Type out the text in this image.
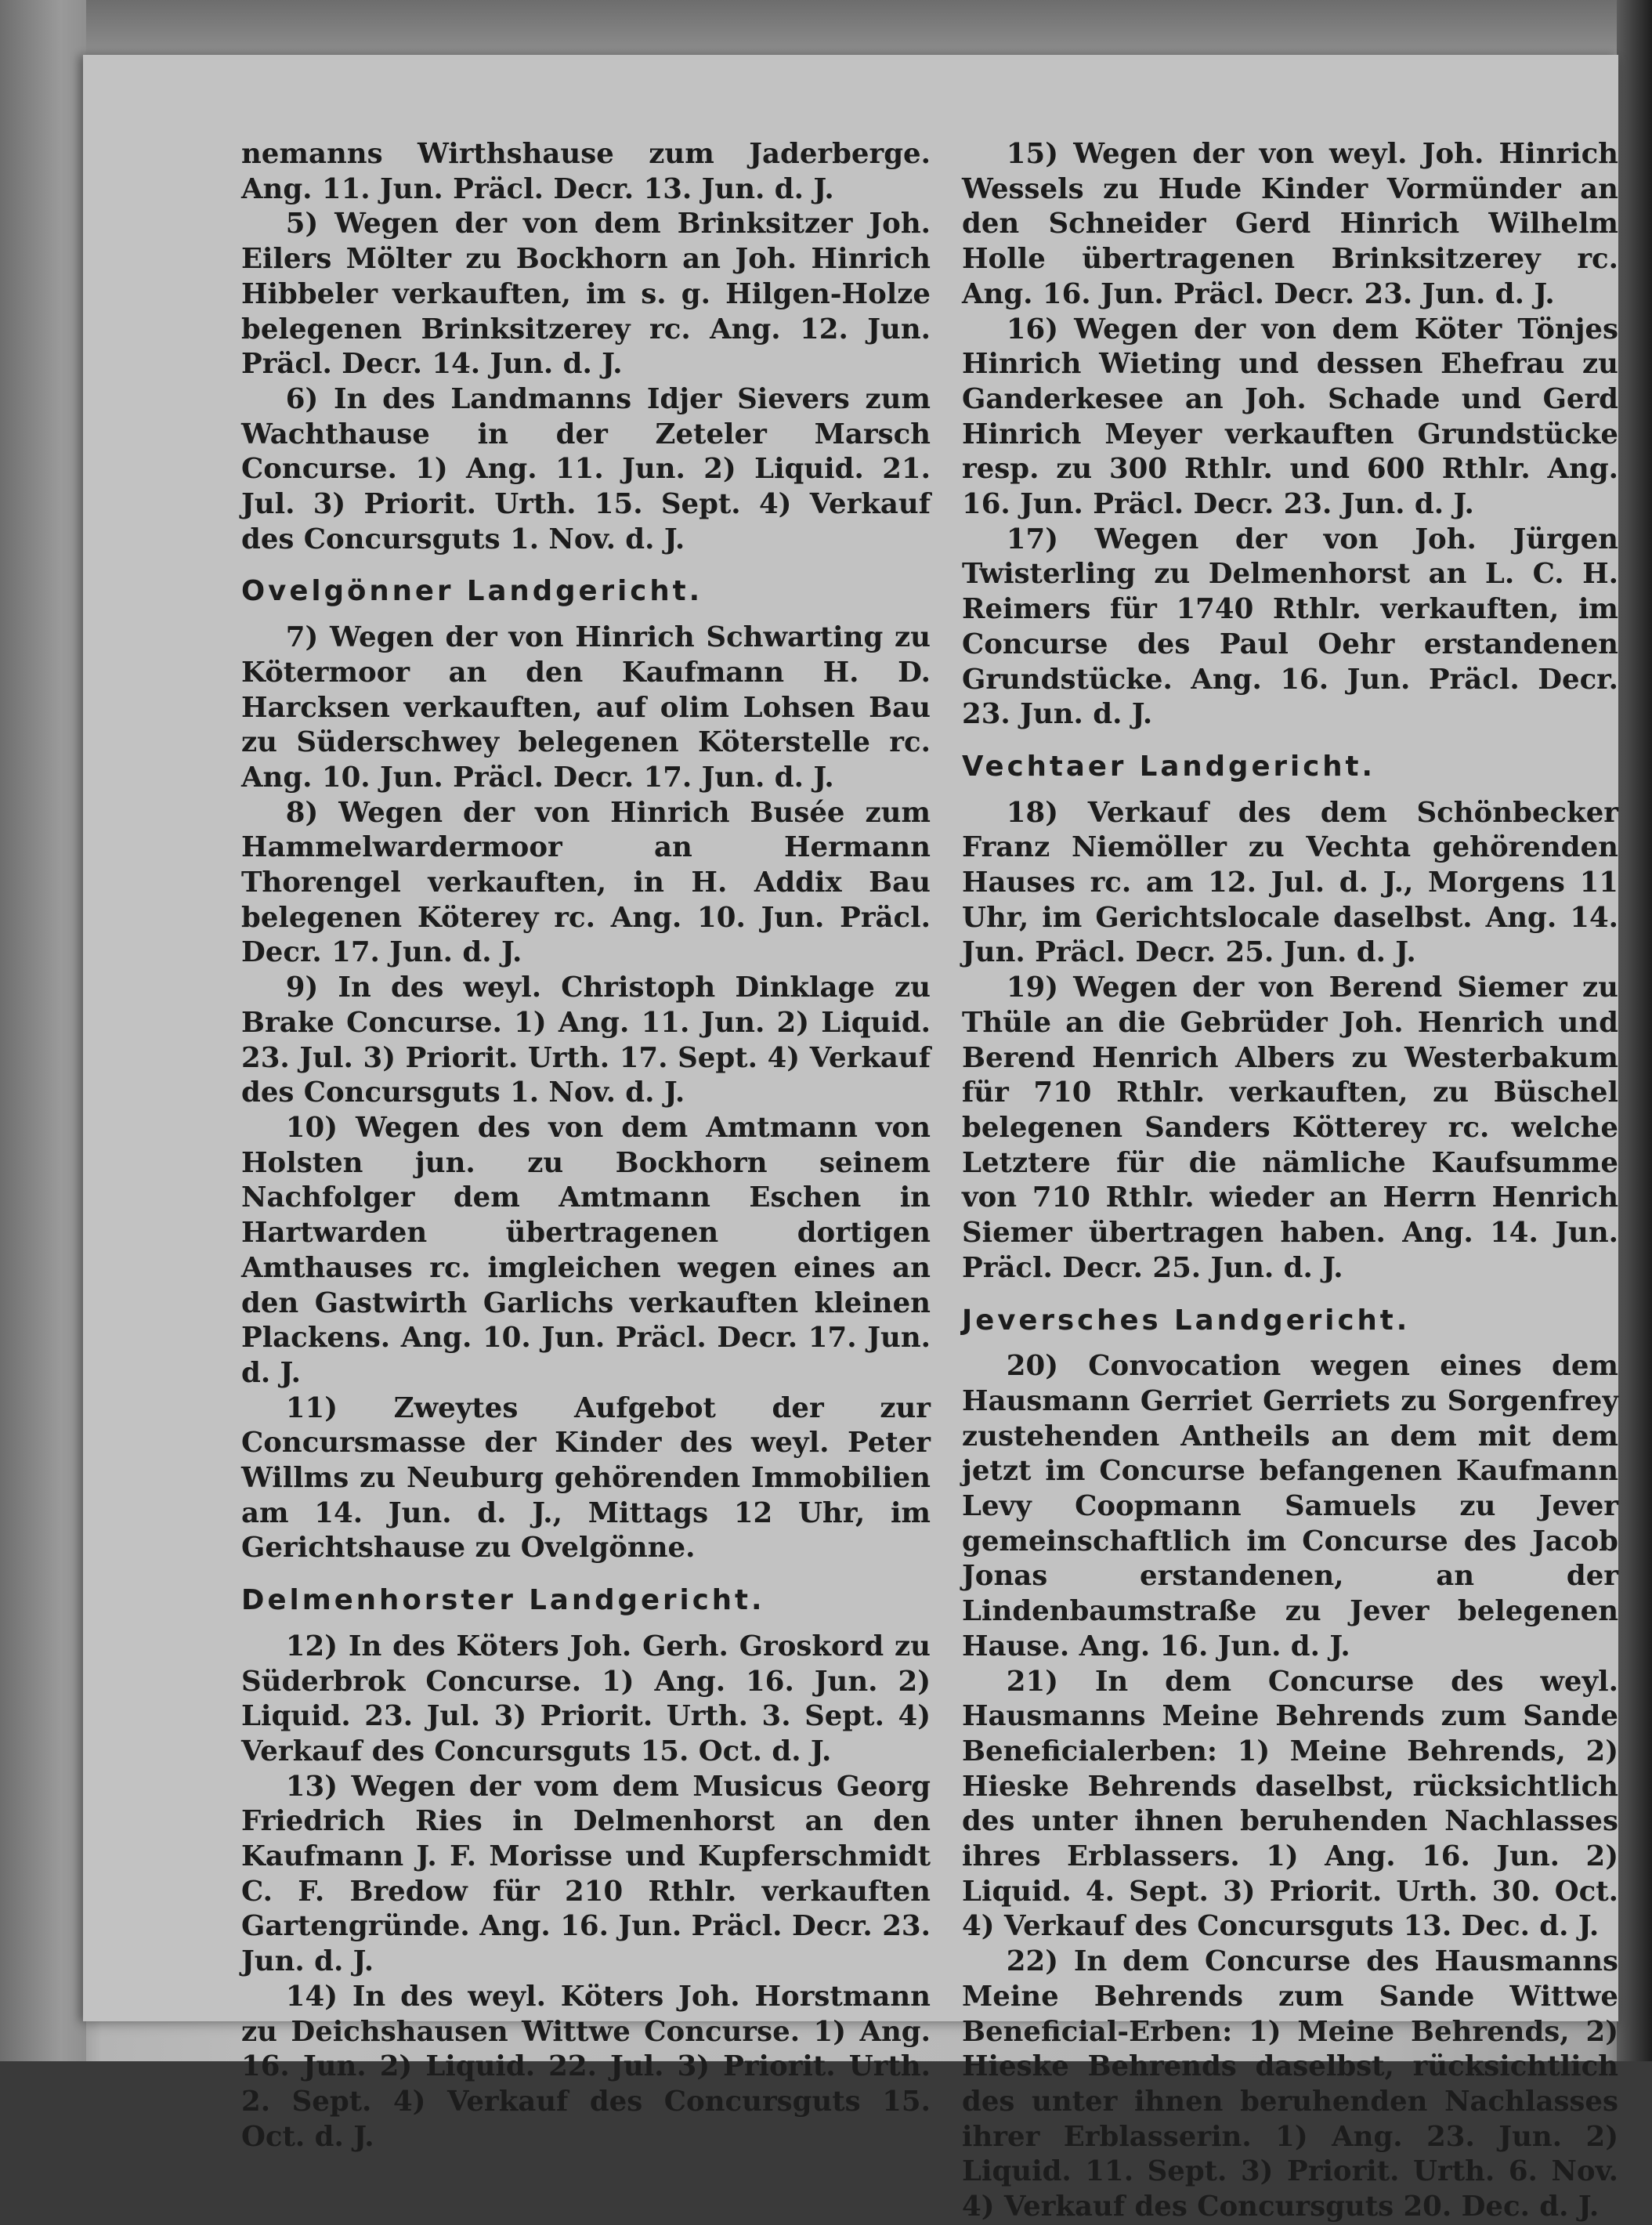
nemanns Wirthshause zum Jaderberge. Ang. 11. Jun. Präcl. Decr. 13. Jun. d. J.

5) Wegen der von dem Brinksitzer Joh. Eilers Mölter zu Bockhorn an Joh. Hinrich Hibbeler verkauften, im s. g. Hilgen-Holze belegenen Brinksitzerey rc. Ang. 12. Jun. Präcl. Decr. 14. Jun. d. J.

6) In des Landmanns Idjer Sievers zum Wachthause in der Zeteler Marsch Concurse. 1) Ang. 11. Jun. 2) Liquid. 21. Jul. 3) Priorit. Urth. 15. Sept. 4) Verkauf des Concursguts 1. Nov. d. J.

Ovelgönner Landgericht.

7) Wegen der von Hinrich Schwarting zu Kötermoor an den Kaufmann H. D. Harcksen verkauften, auf olim Lohsen Bau zu Süderschwey belegenen Köterstelle rc. Ang. 10. Jun. Präcl. Decr. 17. Jun. d. J.

8) Wegen der von Hinrich Busée zum Hammelwardermoor an Hermann Thorengel verkauften, in H. Addix Bau belegenen Köterey rc. Ang. 10. Jun. Präcl. Decr. 17. Jun. d. J.

9) In des weyl. Christoph Dinklage zu Brake Concurse. 1) Ang. 11. Jun. 2) Liquid. 23. Jul. 3) Priorit. Urth. 17. Sept. 4) Verkauf des Concursguts 1. Nov. d. J.

10) Wegen des von dem Amtmann von Holsten jun. zu Bockhorn seinem Nachfolger dem Amtmann Eschen in Hartwarden übertragenen dortigen Amthauses rc. imgleichen wegen eines an den Gastwirth Garlichs verkauften kleinen Plackens. Ang. 10. Jun. Präcl. Decr. 17. Jun. d. J.

11) Zweytes Aufgebot der zur Concursmasse der Kinder des weyl. Peter Willms zu Neuburg gehörenden Immobilien am 14. Jun. d. J., Mittags 12 Uhr, im Gerichtshause zu Ovelgönne.

Delmenhorster Landgericht.

12) In des Köters Joh. Gerh. Groskord zu Süderbrok Concurse. 1) Ang. 16. Jun. 2) Liquid. 23. Jul. 3) Priorit. Urth. 3. Sept. 4) Verkauf des Concursguts 15. Oct. d. J.

13) Wegen der vom dem Musicus Georg Friedrich Ries in Delmenhorst an den Kaufmann J. F. Morisse und Kupferschmidt C. F. Bredow für 210 Rthlr. verkauften Gartengründe. Ang. 16. Jun. Präcl. Decr. 23. Jun. d. J.

14) In des weyl. Köters Joh. Horstmann zu Deichshausen Wittwe Concurse. 1) Ang. 16. Jun. 2) Liquid. 22. Jul. 3) Priorit. Urth. 2. Sept. 4) Verkauf des Concursguts 15. Oct. d. J.

15) Wegen der von weyl. Joh. Hinrich Wessels zu Hude Kinder Vormünder an den Schneider Gerd Hinrich Wilhelm Holle übertragenen Brinksitzerey rc. Ang. 16. Jun. Präcl. Decr. 23. Jun. d. J.

16) Wegen der von dem Köter Tönjes Hinrich Wieting und dessen Ehefrau zu Ganderkesee an Joh. Schade und Gerd Hinrich Meyer verkauften Grundstücke resp. zu 300 Rthlr. und 600 Rthlr. Ang. 16. Jun. Präcl. Decr. 23. Jun. d. J.

17) Wegen der von Joh. Jürgen Twisterling zu Delmenhorst an L. C. H. Reimers für 1740 Rthlr. verkauften, im Concurse des Paul Oehr erstandenen Grundstücke. Ang. 16. Jun. Präcl. Decr. 23. Jun. d. J.

Vechtaer Landgericht.

18) Verkauf des dem Schönbecker Franz Niemöller zu Vechta gehörenden Hauses rc. am 12. Jul. d. J., Morgens 11 Uhr, im Gerichtslocale daselbst. Ang. 14. Jun. Präcl. Decr. 25. Jun. d. J.

19) Wegen der von Berend Siemer zu Thüle an die Gebrüder Joh. Henrich und Berend Henrich Albers zu Westerbakum für 710 Rthlr. verkauften, zu Büschel belegenen Sanders Kötterey rc. welche Letztere für die nämliche Kaufsumme von 710 Rthlr. wieder an Herrn Henrich Siemer übertragen haben. Ang. 14. Jun. Präcl. Decr. 25. Jun. d. J.

Jeversches Landgericht.

20) Convocation wegen eines dem Hausmann Gerriet Gerriets zu Sorgenfrey zustehenden Antheils an dem mit dem jetzt im Concurse befangenen Kaufmann Levy Coopmann Samuels zu Jever gemeinschaftlich im Concurse des Jacob Jonas erstandenen, an der Lindenbaumstraße zu Jever belegenen Hause. Ang. 16. Jun. d. J.

21) In dem Concurse des weyl. Hausmanns Meine Behrends zum Sande Beneficialerben: 1) Meine Behrends, 2) Hieske Behrends daselbst, rücksichtlich des unter ihnen beruhenden Nachlasses ihres Erblassers. 1) Ang. 16. Jun. 2) Liquid. 4. Sept. 3) Priorit. Urth. 30. Oct. 4) Verkauf des Concursguts 13. Dec. d. J.

22) In dem Concurse des Hausmanns Meine Behrends zum Sande Wittwe Beneficial-Erben: 1) Meine Behrends, 2) Hieske Behrends daselbst, rücksichtlich des unter ihnen beruhenden Nachlasses ihrer Erblasserin. 1) Ang. 23. Jun. 2) Liquid. 11. Sept. 3) Priorit. Urth. 6. Nov. 4) Verkauf des Concursguts 20. Dec. d. J.
